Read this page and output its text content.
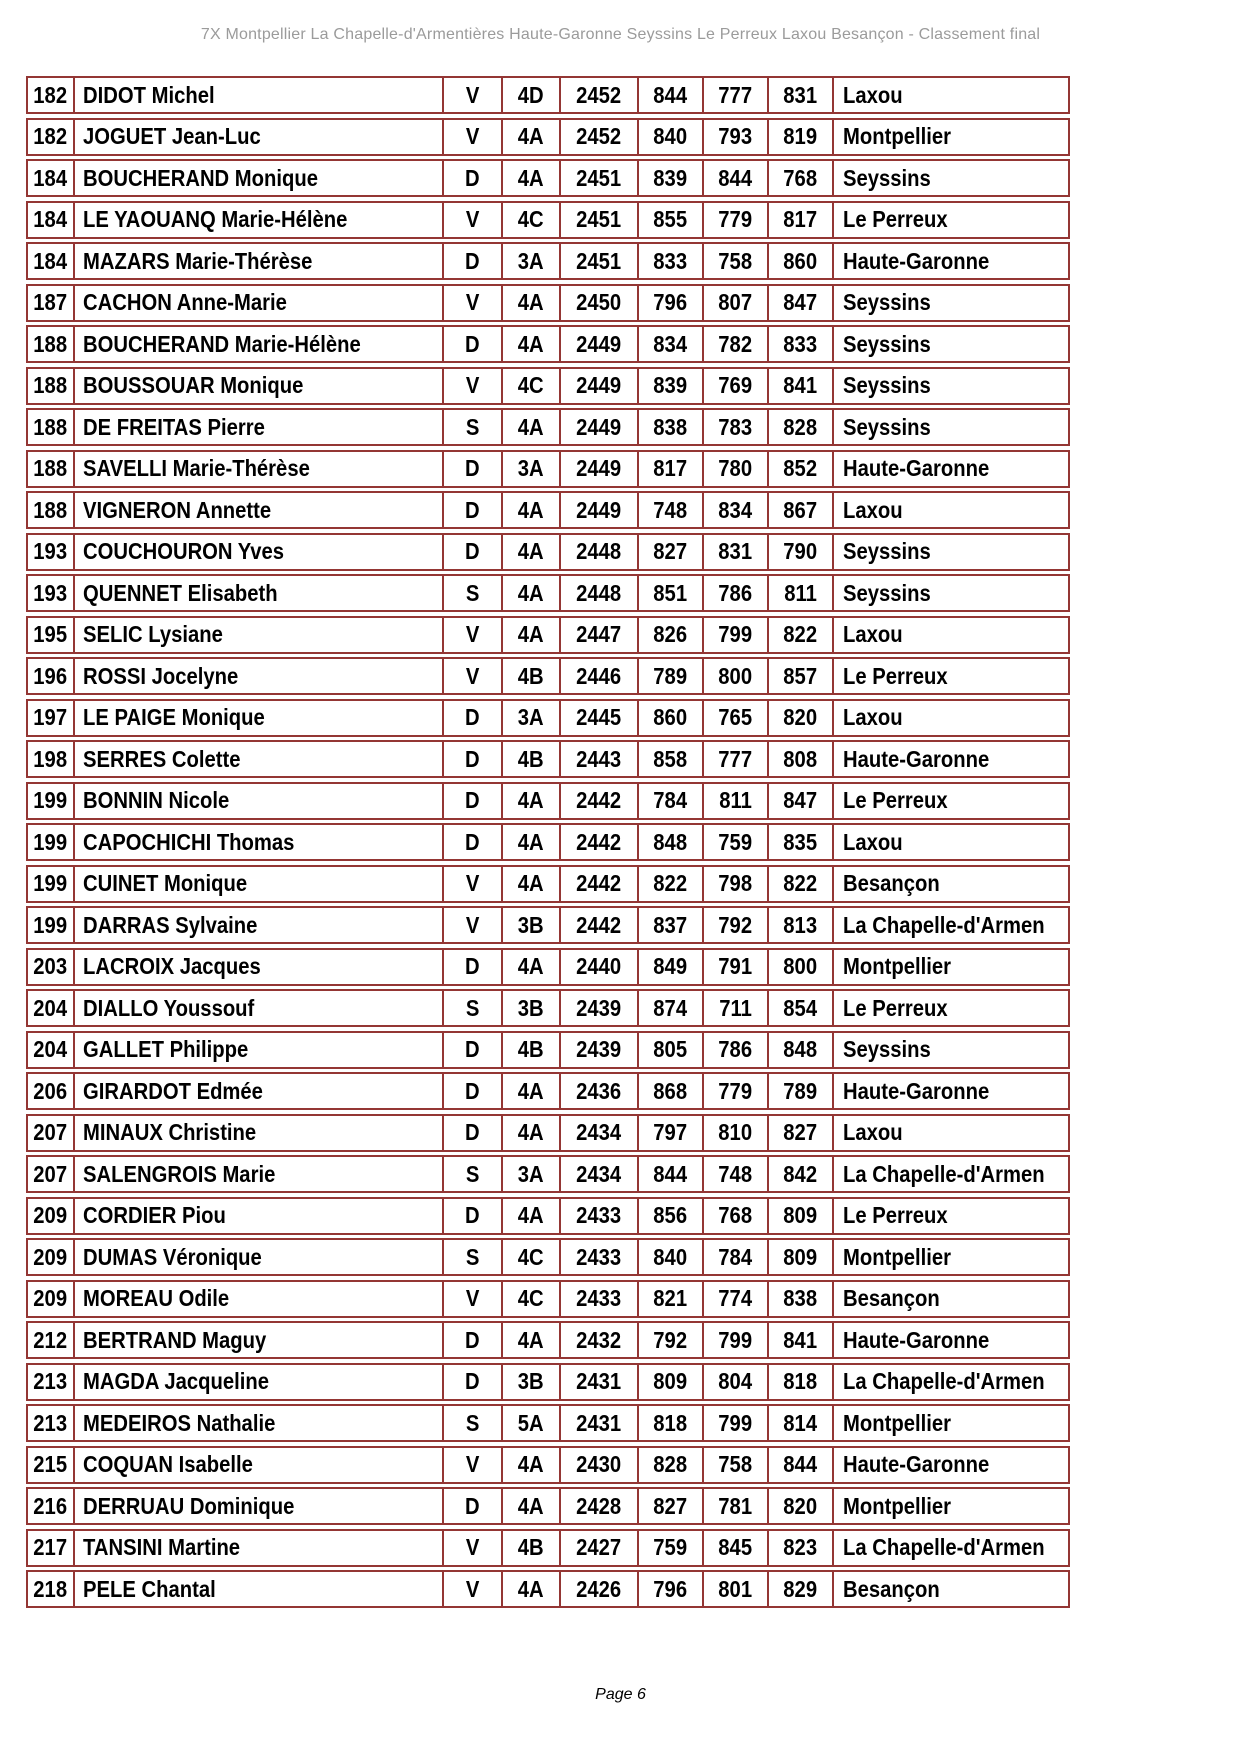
7X Montpellier La Chapelle-d'Armentières Haute-Garonne Seyssins Le Perreux Laxou Besançon - Classement final
182 DIDOT Michel	V 4D 2452 844 777 831 Laxou
182 JOGUET Jean-Luc	V 4A 2452 840 793 819 Montpellier
184 BOUCHERAND Monique	D 4A 2451 839 844 768 Seyssins
184 LE YAOUANQ Marie-Hélène	V 4C 2451 855 779 817 Le Perreux
184 MAZARS Marie-Thérèse	D 3A 2451 833 758 860 Haute-Garonne
187 CACHON Anne-Marie	V 4A 2450 796 807 847 Seyssins
188 BOUCHERAND Marie-Hélène	D 4A 2449 834 782 833 Seyssins
188 BOUSSOUAR Monique	V 4C 2449 839 769 841 Seyssins
188 DE FREITAS Pierre	S 4A 2449 838 783 828 Seyssins
188 SAVELLI Marie-Thérèse	D 3A 2449 817 780 852 Haute-Garonne
188 VIGNERON Annette	D 4A 2449 748 834 867 Laxou
193 COUCHOURON Yves	D 4A 2448 827 831 790 Seyssins
193 QUENNET Elisabeth	S 4A 2448 851 786 811 Seyssins
195 SELIC Lysiane	V 4A 2447 826 799 822 Laxou
196 ROSSI Jocelyne	V 4B 2446 789 800 857 Le Perreux
197 LE PAIGE Monique	D 3A 2445 860 765 820 Laxou
198 SERRES Colette	D 4B 2443 858 777 808 Haute-Garonne
199 BONNIN Nicole	D 4A 2442 784 811 847 Le Perreux
199 CAPOCHICHI Thomas	D 4A 2442 848 759 835 Laxou
199 CUINET Monique	V 4A 2442 822 798 822 Besançon
199 DARRAS Sylvaine	V 3B 2442 837 792 813 La Chapelle-d'Armen
203 LACROIX Jacques	D 4A 2440 849 791 800 Montpellier
204 DIALLO Youssouf	S 3B 2439 874 711 854 Le Perreux
204 GALLET Philippe	D 4B 2439 805 786 848 Seyssins
206 GIRARDOT Edmée	D 4A 2436 868 779 789 Haute-Garonne
207 MINAUX Christine	D 4A 2434 797 810 827 Laxou
207 SALENGROIS Marie	S 3A 2434 844 748 842 La Chapelle-d'Armen
209 CORDIER Piou	D 4A 2433 856 768 809 Le Perreux
209 DUMAS Véronique	S 4C 2433 840 784 809 Montpellier
209 MOREAU Odile	V 4C 2433 821 774 838 Besançon
212 BERTRAND Maguy	D 4A 2432 792 799 841 Haute-Garonne
213 MAGDA Jacqueline	D 3B 2431 809 804 818 La Chapelle-d'Armen
213 MEDEIROS Nathalie	S 5A 2431 818 799 814 Montpellier
215 COQUAN Isabelle	V 4A 2430 828 758 844 Haute-Garonne
216 DERRUAU Dominique	D 4A 2428 827 781 820 Montpellier
217 TANSINI Martine	V 4B 2427 759 845 823 La Chapelle-d'Armen
218 PELE Chantal	V 4A 2426 796 801 829 Besançon
Page 6
